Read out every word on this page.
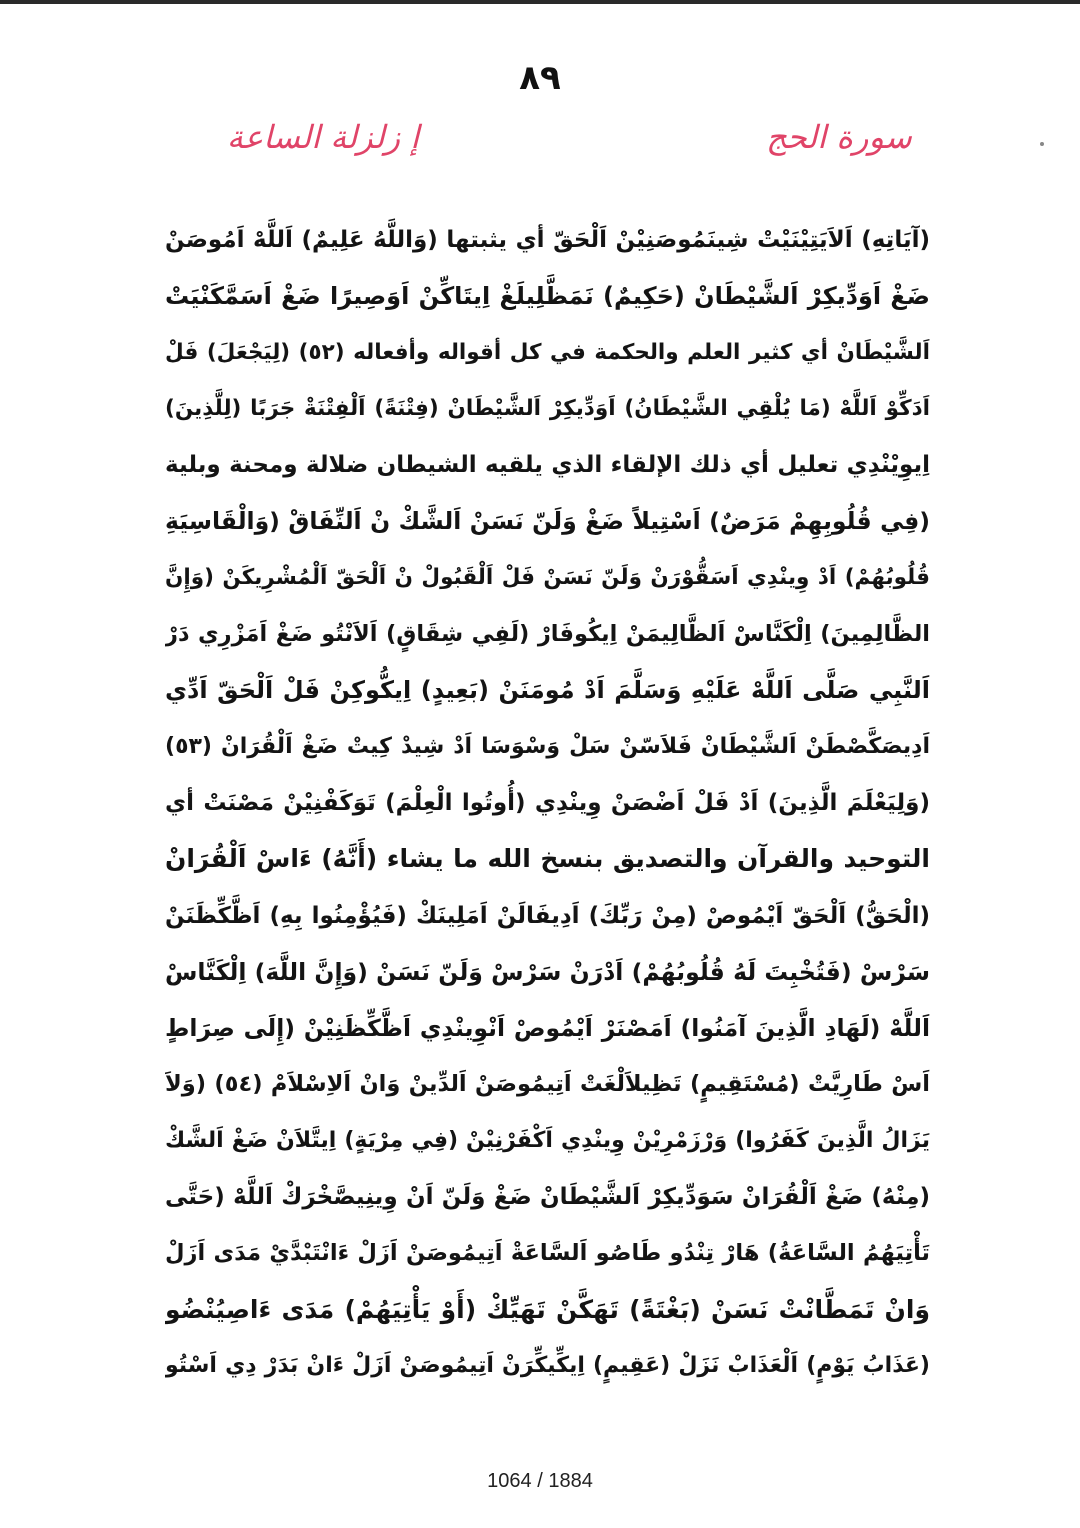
٨٩
سورة الحج
إ زلزلة الساعة
(آيَاتِهِ) اَلاَيَتِيْنَيْتْ شِينَمُوصَنِيْنْ اَلْحَقّ أي يثبتها (وَاللَّهُ عَلِيمٌ) اَللَّهْ اَمُوصَنْ
ضَغْ اَوَدِّيكِرْ اَلشَّيْطَانْ (حَكِيمٌ) نَمَظَّلِيلَغْ اِيتَاكِّنْ اَوَصِيرًا ضَغْ اَسَمَّكَنْيَتْ
اَلشَّيْطَانْ أي كثير العلم والحكمة في كل أقواله وأفعاله (٥٢) (لِيَجْعَلَ) فَلْ
اَدَكِّوْ اَللَّهْ (مَا يُلْقِي الشَّيْطَانُ) اَوَدِّيكِرْ اَلشَّيْطَانْ (فِتْنَةً) اَلْفِتْنَةْ جَرَبًا (لِلَّذِينَ)
اِيوِيْنْدِي تعليل أي ذلك الإلقاء الذي يلقيه الشيطان ضلالة ومحنة وبلية
(فِي قُلُوبِهِمْ مَرَضٌ) اَسْتِيلاً ضَغْ وَلَنّ نَسَنْ اَلشَّكْ نْ اَلنِّفَاقْ (وَالْقَاسِيَةِ
قُلُوبُهُمْ) اَدْ وِينْدِي اَسَقُّوْرَنْ وَلَنّ نَسَنْ فَلْ اَلْقَبُولْ نْ اَلْحَقّ اَلْمُشْرِيكَنْ (وَإِنَّ
الظَّالِمِينَ) اِلْكَنَّاسْ اَلظَّالِيمَنْ اِيكُوفَارْ (لَفِي شِقَاقٍ) اَلاَنْتُو ضَغْ اَمَزْرِي دَرْ
اَلنَّبِي صَلَّى اَللَّهْ عَلَيْهِ وَسَلَّمَ اَدْ مُومَنَنْ (بَعِيدٍ) اِيكُّوكِنْ فَلْ اَلْحَقّ اَدِّي
اَدِيصَكَّصْطَنْ اَلشَّيْطَانْ فَلاَسّنْ سَلْ وَسْوَسَا اَدْ شِيدْ كِيتْ ضَغْ اَلْقُرَانْ (٥٣)
(وَلِيَعْلَمَ الَّذِينَ) اَدْ فَلْ اَضْصَنْ وِينْدِي (أُوتُوا الْعِلْمَ) تَوَكَفْنِيْنْ مَصْنَتْ أي
التوحيد والقرآن والتصديق بنسخ الله ما يشاء (أَنَّهُ) ءَاسْ اَلْقُرَانْ
(الْحَقُّ) اَلْحَقّ اَيْمُوصْ (مِنْ رَبِّكَ) اَدِيفَالَنْ اَمَلِينَكْ (فَيُؤْمِنُوا بِهِ) اَظَّكِّظَنَنْ
سَرْسْ (فَتُخْبِتَ لَهُ قُلُوبُهُمْ) اَدْرَنْ سَرْسْ وَلَنّ نَسَنْ (وَإِنَّ اللَّهَ) اِلْكَنَّاسْ
اَللَّهْ (لَهَادِ الَّذِينَ آمَنُوا) اَمَصْنَرْ اَيْمُوصْ اَنْوِينْدِي اَظَّكِّظَنِيْنْ (إِلَى صِرَاطٍ
اَسْ طَارِيَّتْ (مُسْتَقِيمٍ) تَظِيلاَلْغَتْ اَتِيمُوصَنْ اَلدِّينْ وَانْ اَلاِسْلاَمْ (٥٤) (وَلاَ
يَزَالُ الَّذِينَ كَفَرُوا) وَرْزَمْرِيْنْ وِينْدِي اَكْفَرْنِيْنْ (فِي مِرْيَةٍ) اِيتَّلاَنْ ضَغْ اَلشَّكْ
(مِنْهُ) ضَغْ اَلْقُرَانْ سَوَدِّيكِرْ اَلشَّيْطَانْ ضَغْ وَلَنّ اَنْ وِينِيصَّخْرَكْ اَللَّهْ (حَتَّى
تَأْتِيَهُمُ السَّاعَةُ) هَارْ تِنْدُو طَاصُو اَلسَّاعَةْ اَتِيمُوصَنْ اَزَلْ ءَانْتَبْدَّيْ مَدَى اَزَلْ
وَانْ تَمَطَّانْتْ نَسَنْ (بَغْتَةً) تَهَكَّنْ تَهَيِّكْ (أَوْ يَأْتِيَهُمْ) مَدَى ءَاصِيُنْضُو
(عَذَابُ يَوْمٍ) اَلْعَذَابْ نَزَلْ (عَقِيمٍ) اِيكِّيكِّرَنْ اَتِيمُوصَنْ اَزَلْ ءَانْ بَدَرْ دِي اَسْتُو
1064 / 1884
